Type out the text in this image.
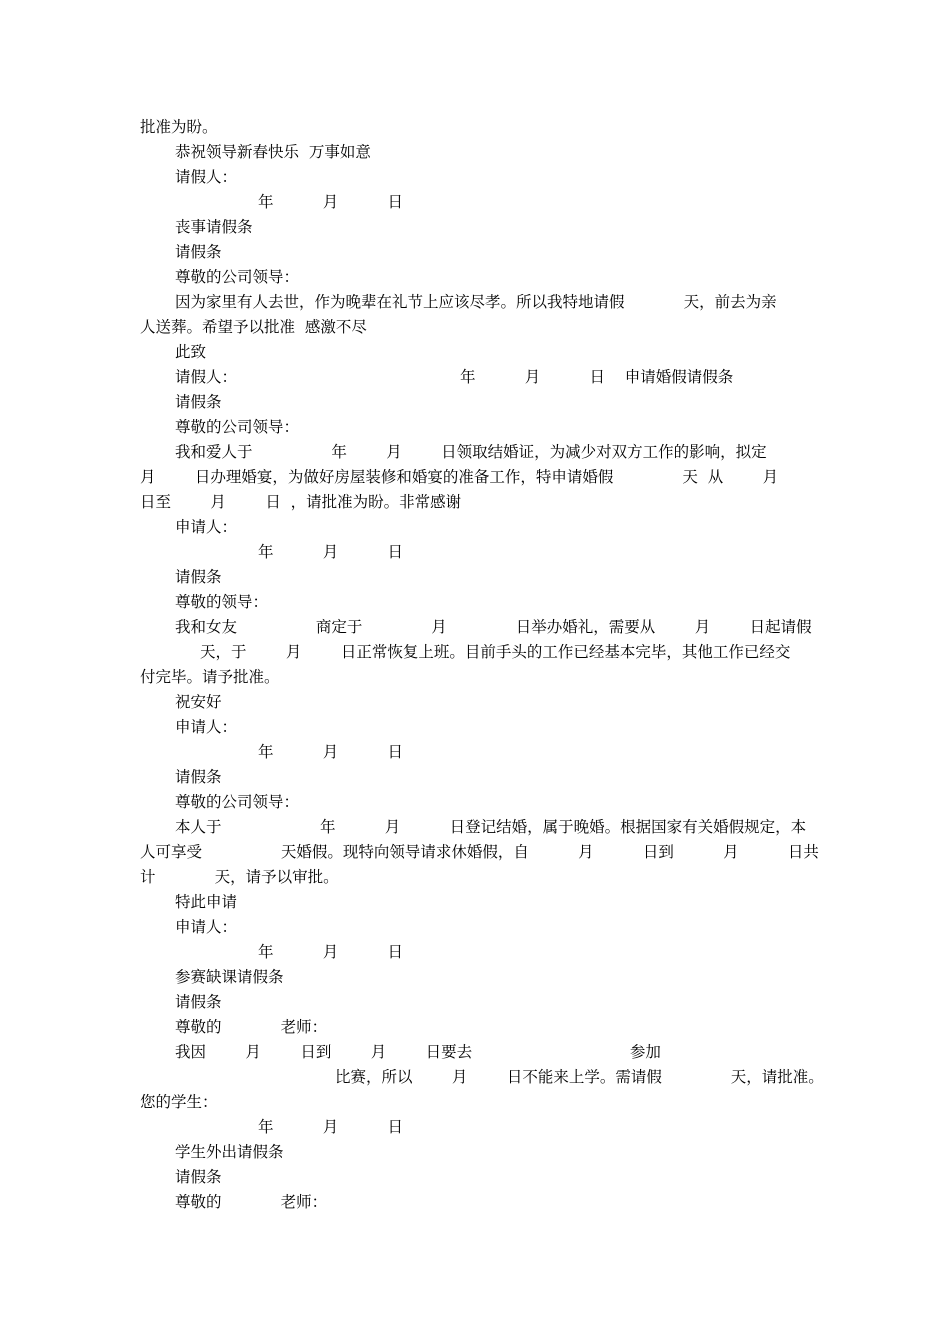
批准为盼。
恭祝领导新春快乐  万事如意
请假人：
年          月          日
丧事请假条
请假条
尊敬的公司领导：
因为家里有人去世，作为晚辈在礼节上应该尽孝。所以我特地请假            天，前去为亲
人送葬。希望予以批准  感激不尽
此致
请假人：	年          月          日    申请婚假请假条
请假条
尊敬的公司领导：
我和爱人于                年        月        日领取结婚证，为减少对双方工作的影响，拟定
月        日办理婚宴，为做好房屋装修和婚宴的准备工作，特申请婚假              天  从        月
日至        月        日  ，请批准为盼。非常感谢
申请人：
年          月          日
请假条
尊敬的领导：
我和女友                商定于              月              日举办婚礼，需要从        月        日起请假
天，于        月        日正常恢复上班。目前手头的工作已经基本完毕，其他工作已经交
付完毕。请予批准。
祝安好
申请人：
年          月          日
请假条
尊敬的公司领导：
本人于                    年          月          日登记结婚，属于晚婚。根据国家有关婚假规定，本
人可享受                天婚假。现特向领导请求休婚假，自          月          日到          月          日共
计            天，请予以审批。
特此申请
申请人：
年          月          日
参赛缺课请假条
请假条
尊敬的            老师：
我因        月        日到        月        日要去                                参加
比赛，所以        月        日不能来上学。需请假              天，请批准。
您的学生：
年          月          日
学生外出请假条
请假条
尊敬的            老师：
